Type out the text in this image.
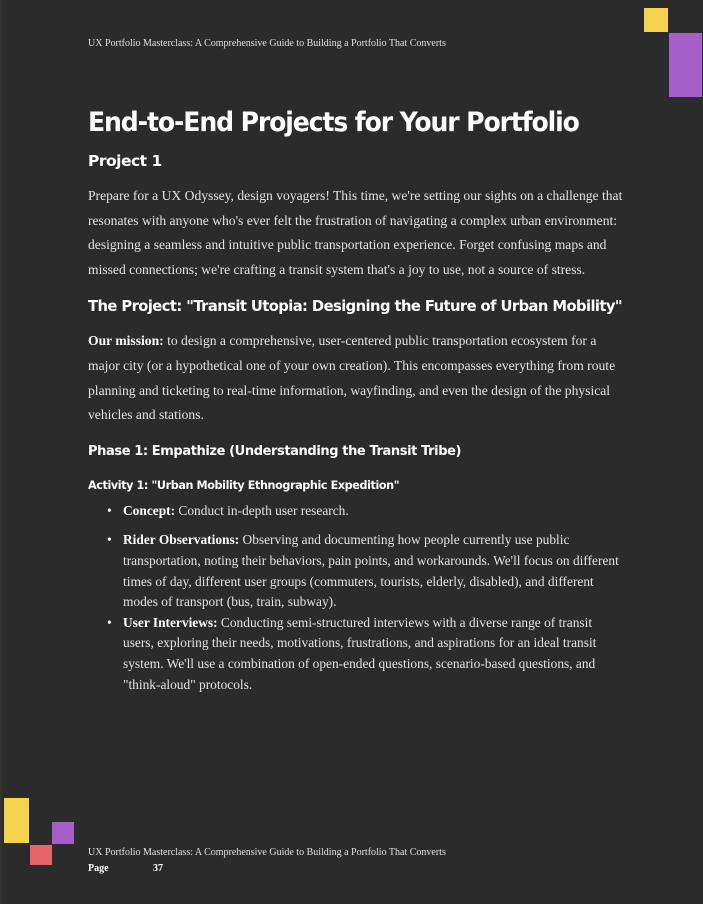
UX Portfolio Masterclass: A Comprehensive Guide to Building a Portfolio That Converts
End-to-End Projects for Your Portfolio
Project 1

Prepare for a UX Odyssey, design voyagers! This time, we're setting our sights on a challenge that resonates with anyone who's ever felt the frustration of navigating a complex urban environment: designing a seamless and intuitive public transportation experience. Forget confusing maps and missed connections; we're crafting a transit system that's a joy to use, not a source of stress.

The Project: "Transit Utopia: Designing the Future of Urban Mobility"

Our mission: to design a comprehensive, user-centered public transportation ecosystem for a major city (or a hypothetical one of your own creation). This encompasses everything from route planning and ticketing to real-time information, wayfinding, and even the design of the physical vehicles and stations.

Phase 1: Empathize (Understanding the Transit Tribe)
Activity 1: "Urban Mobility Ethnographic Expedition"
• Concept: Conduct in-depth user research.
• Rider Observations: Observing and documenting how people currently use public transportation, noting their behaviors, pain points, and workarounds. We'll focus on different times of day, different user groups (commuters, tourists, elderly, disabled), and different modes of transport (bus, train, subway).
• User Interviews: Conducting semi-structured interviews with a diverse range of transit users, exploring their needs, motivations, frustrations, and aspirations for an ideal transit system. We'll use a combination of open-ended questions, scenario-based questions, and "think-aloud" protocols.
UX Portfolio Masterclass: A Comprehensive Guide to Building a Portfolio That Converts
Page	37
